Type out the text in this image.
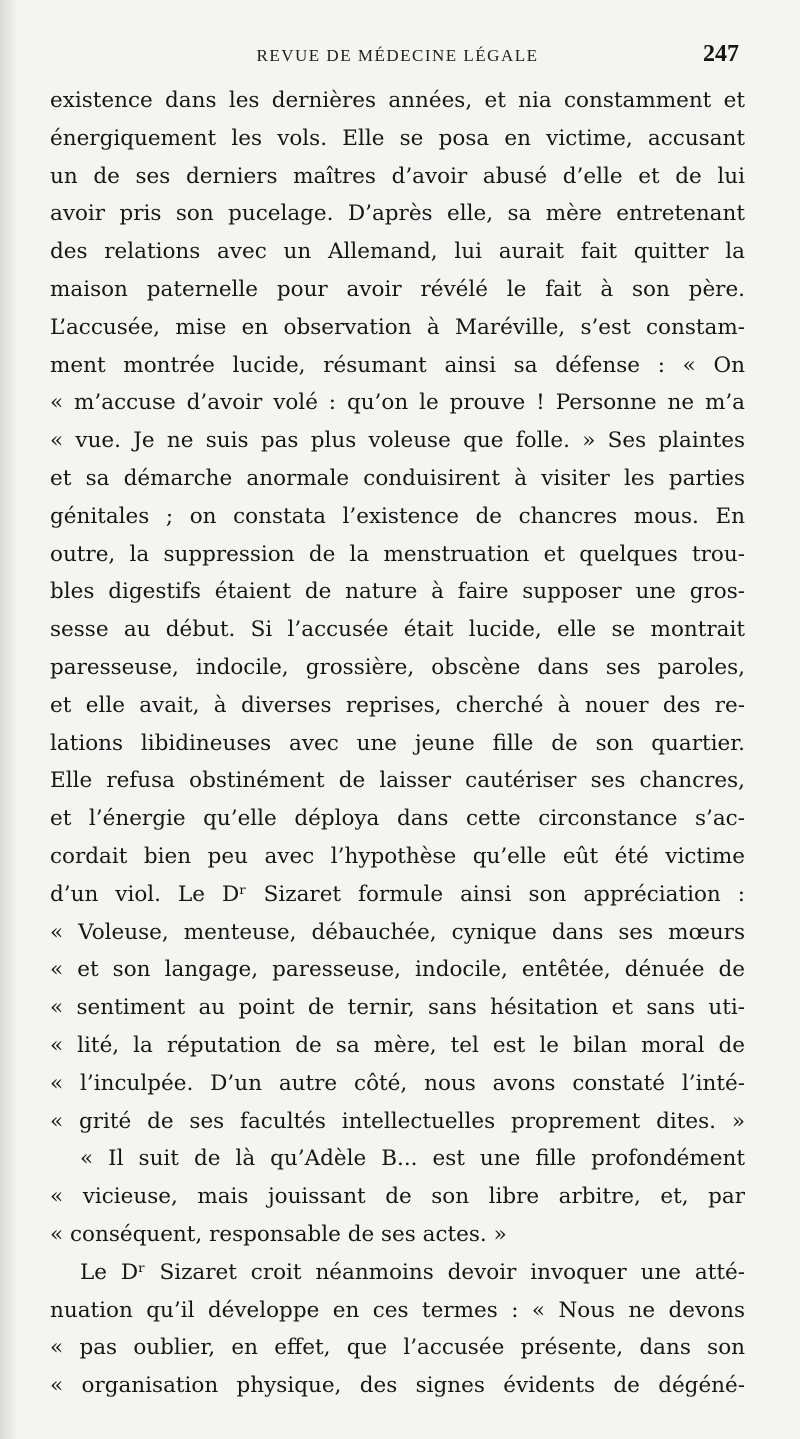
REVUE DE MÉDECINE LÉGALE	247
existence dans les dernières années, et nia constamment et
énergiquement les vols. Elle se posa en victime, accusant
un de ses derniers maîtres d’avoir abusé d’elle et de lui
avoir pris son pucelage. D’après elle, sa mère entretenant
des relations avec un Allemand, lui aurait fait quitter la
maison paternelle pour avoir révélé le fait à son père.
L’accusée, mise en observation à Maréville, s’est constam-
ment montrée lucide, résumant ainsi sa défense : « On
« m’accuse d’avoir volé : qu’on le prouve ! Personne ne m’a
« vue. Je ne suis pas plus voleuse que folle. » Ses plaintes
et sa démarche anormale conduisirent à visiter les parties
génitales ; on constata l’existence de chancres mous. En
outre, la suppression de la menstruation et quelques trou-
bles digestifs étaient de nature à faire supposer une gros-
sesse au début. Si l’accusée était lucide, elle se montrait
paresseuse, indocile, grossière, obscène dans ses paroles,
et elle avait, à diverses reprises, cherché à nouer des re-
lations libidineuses avec une jeune fille de son quartier.
Elle refusa obstinément de laisser cautériser ses chancres,
et l’énergie qu’elle déploya dans cette circonstance s’ac-
cordait bien peu avec l’hypothèse qu’elle eût été victime
d’un viol. Le Dʳ Sizaret formule ainsi son appréciation :
« Voleuse, menteuse, débauchée, cynique dans ses mœurs
« et son langage, paresseuse, indocile, entêtée, dénuée de
« sentiment au point de ternir, sans hésitation et sans uti-
« lité, la réputation de sa mère, tel est le bilan moral de
« l’inculpée. D’un autre côté, nous avons constaté l’inté-
« grité de ses facultés intellectuelles proprement dites. »
« Il suit de là qu’Adèle B... est une fille profondément
« vicieuse, mais jouissant de son libre arbitre, et, par
« conséquent, responsable de ses actes. »
Le Dʳ Sizaret croit néanmoins devoir invoquer une atté-
nuation qu’il développe en ces termes : « Nous ne devons
« pas oublier, en effet, que l’accusée présente, dans son
« organisation physique, des signes évidents de dégéné-
